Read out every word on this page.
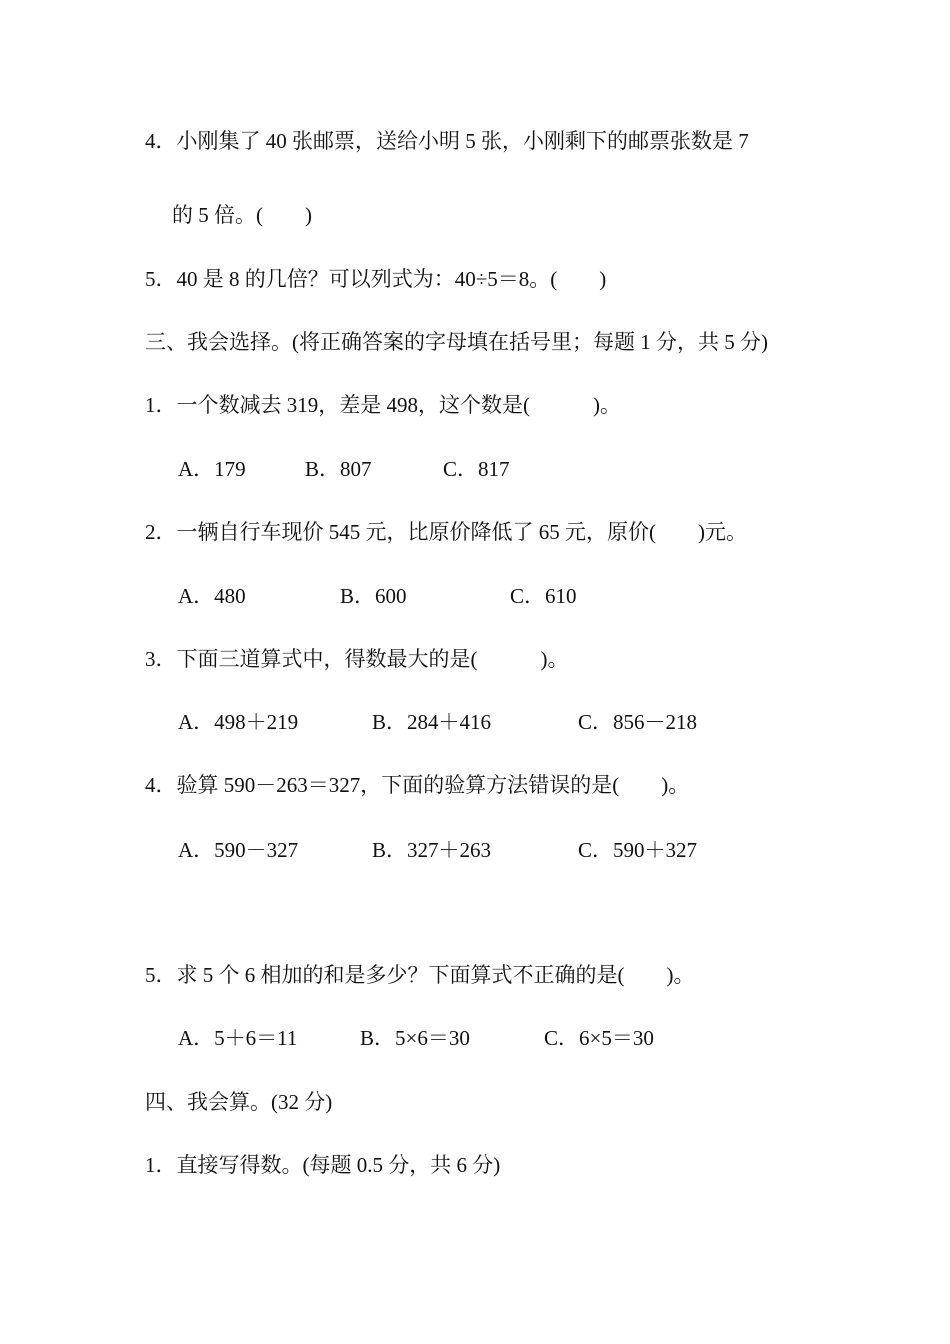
4．小刚集了 40 张邮票，送给小明 5 张，小刚剩下的邮票张数是 7
的 5 倍。(　　)
5．40 是 8 的几倍？可以列式为：40÷5＝8。(　　)
三、我会选择。(将正确答案的字母填在括号里；每题 1 分，共 5 分)
1．一个数减去 319，差是 498，这个数是(　　　)。
A．179	B．807	C．817
2．一辆自行车现价 545 元，比原价降低了 65 元，原价(　　)元。
A．480	B．600	C．610
3．下面三道算式中，得数最大的是(　　　)。
A．498＋219	B．284＋416	C．856－218
4．验算 590－263＝327，下面的验算方法错误的是(　　)。
A．590－327	B．327＋263	C．590＋327
5．求 5 个 6 相加的和是多少？下面算式不正确的是(　　)。
A．5＋6＝11	B．5×6＝30	C．6×5＝30
四、我会算。(32 分)
1．直接写得数。(每题 0.5 分，共 6 分)
